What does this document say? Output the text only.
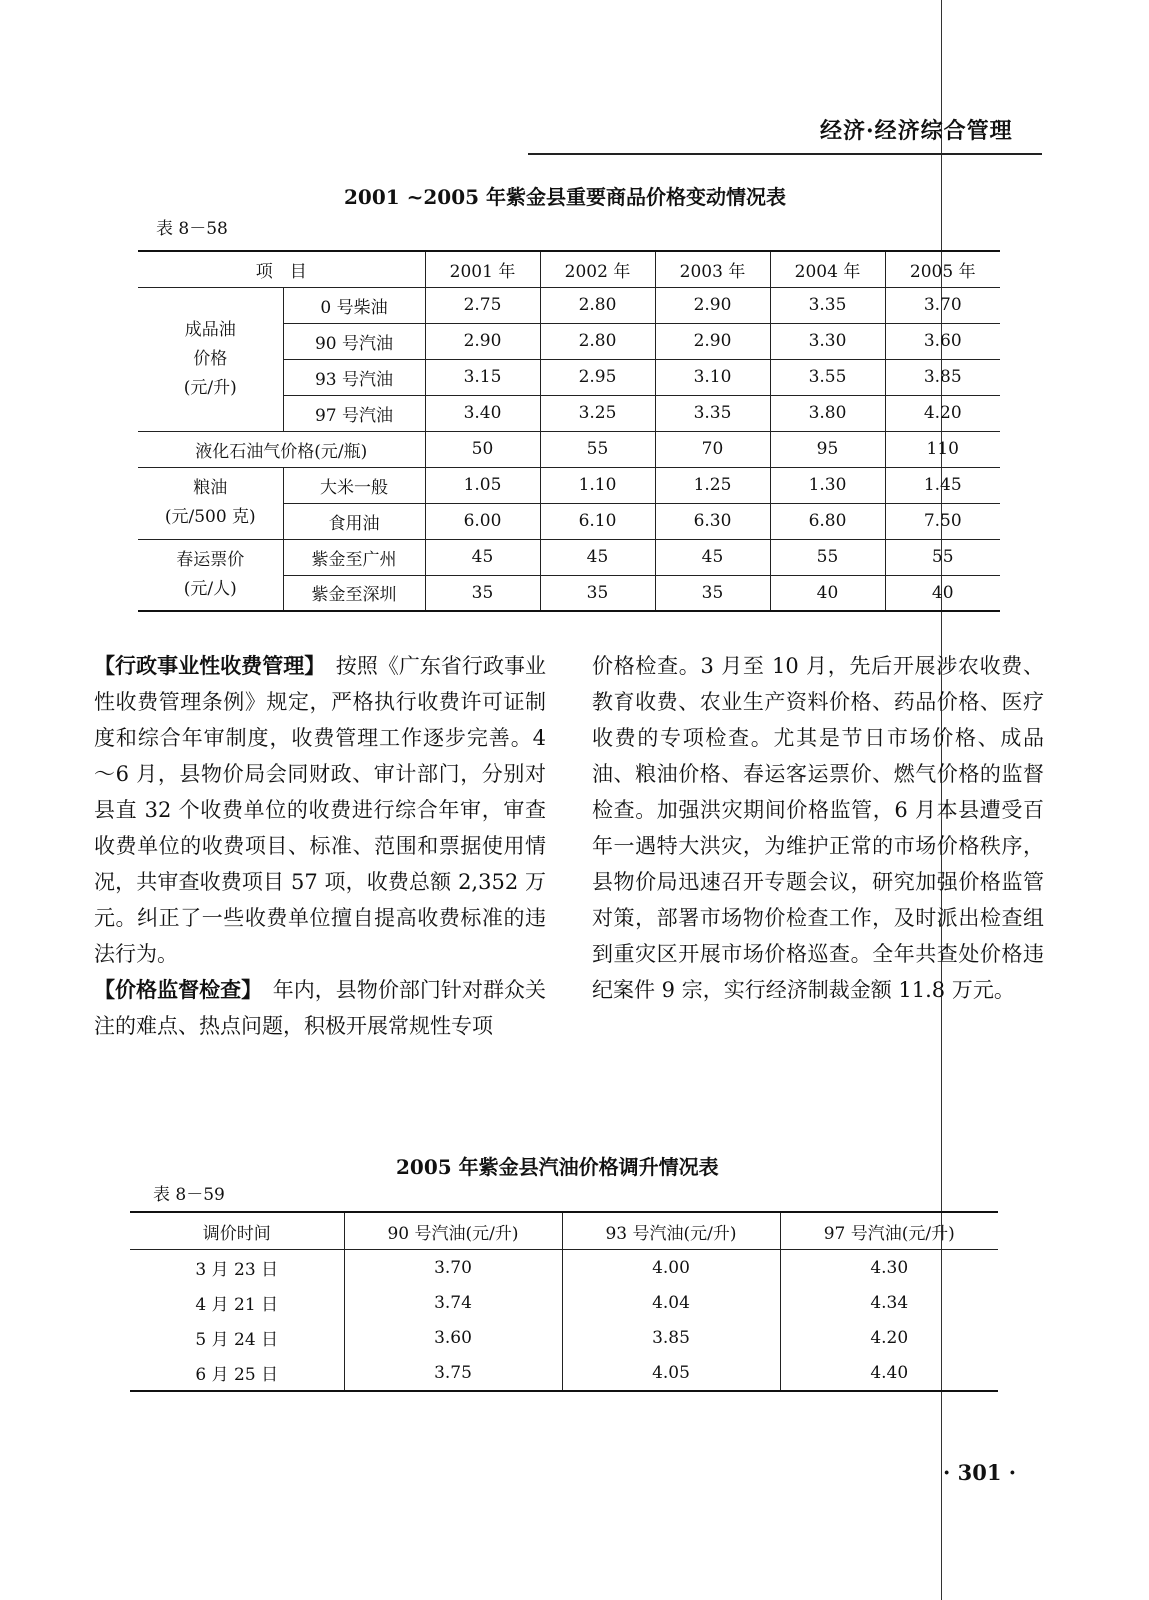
经济·经济综合管理
2001 ~2005 年紫金县重要商品价格变动情况表
表 8－58
项　目		2001 年	2002 年	2003 年	2004 年	2005 年
成品油
价格
(元/升)	0 号柴油	2.75	2.80	2.90	3.35	3.70
	90 号汽油	2.90	2.80	2.90	3.30	3.60
	93 号汽油	3.15	2.95	3.10	3.55	3.85
	97 号汽油	3.40	3.25	3.35	3.80	4.20
液化石油气价格(元/瓶)		50	55	70	95	110
粮油
(元/500 克)	大米一般	1.05	1.10	1.25	1.30	1.45
	食用油	6.00	6.10	6.30	6.80	7.50
春运票价
(元/人)	紫金至广州	45	45	45	55	55
	紫金至深圳	35	35	35	40	40

【行政事业性收费管理】　按照《广东省行政事业性收费管理条例》规定，严格执行收费许可证制度和综合年审制度，收费管理工作逐步完善。4～6 月，县物价局会同财政、审计部门，分别对县直 32 个收费单位的收费进行综合年审，审查收费单位的收费项目、标准、范围和票据使用情况，共审查收费项目 57 项，收费总额 2,352 万元。纠正了一些收费单位擅自提高收费标准的违法行为。

【价格监督检查】　年内，县物价部门针对群众关注的难点、热点问题，积极开展常规性专项

价格检查。3 月至 10 月，先后开展涉农收费、教育收费、农业生产资料价格、药品价格、医疗收费的专项检查。尤其是节日市场价格、成品油、粮油价格、春运客运票价、燃气价格的监督检查。加强洪灾期间价格监管，6 月本县遭受百年一遇特大洪灾，为维护正常的市场价格秩序，县物价局迅速召开专题会议，研究加强价格监管对策，部署市场物价检查工作，及时派出检查组到重灾区开展市场价格巡查。全年共查处价格违纪案件 9 宗，实行经济制裁金额 11.8 万元。

2005 年紫金县汽油价格调升情况表
表 8－59
调价时间	90 号汽油(元/升)	93 号汽油(元/升)	97 号汽油(元/升)
3 月 23 日	3.70	4.00	4.30
4 月 21 日	3.74	4.04	4.34
5 月 24 日	3.60	3.85	4.20
6 月 25 日	3.75	4.05	4.40
· 301 ·
